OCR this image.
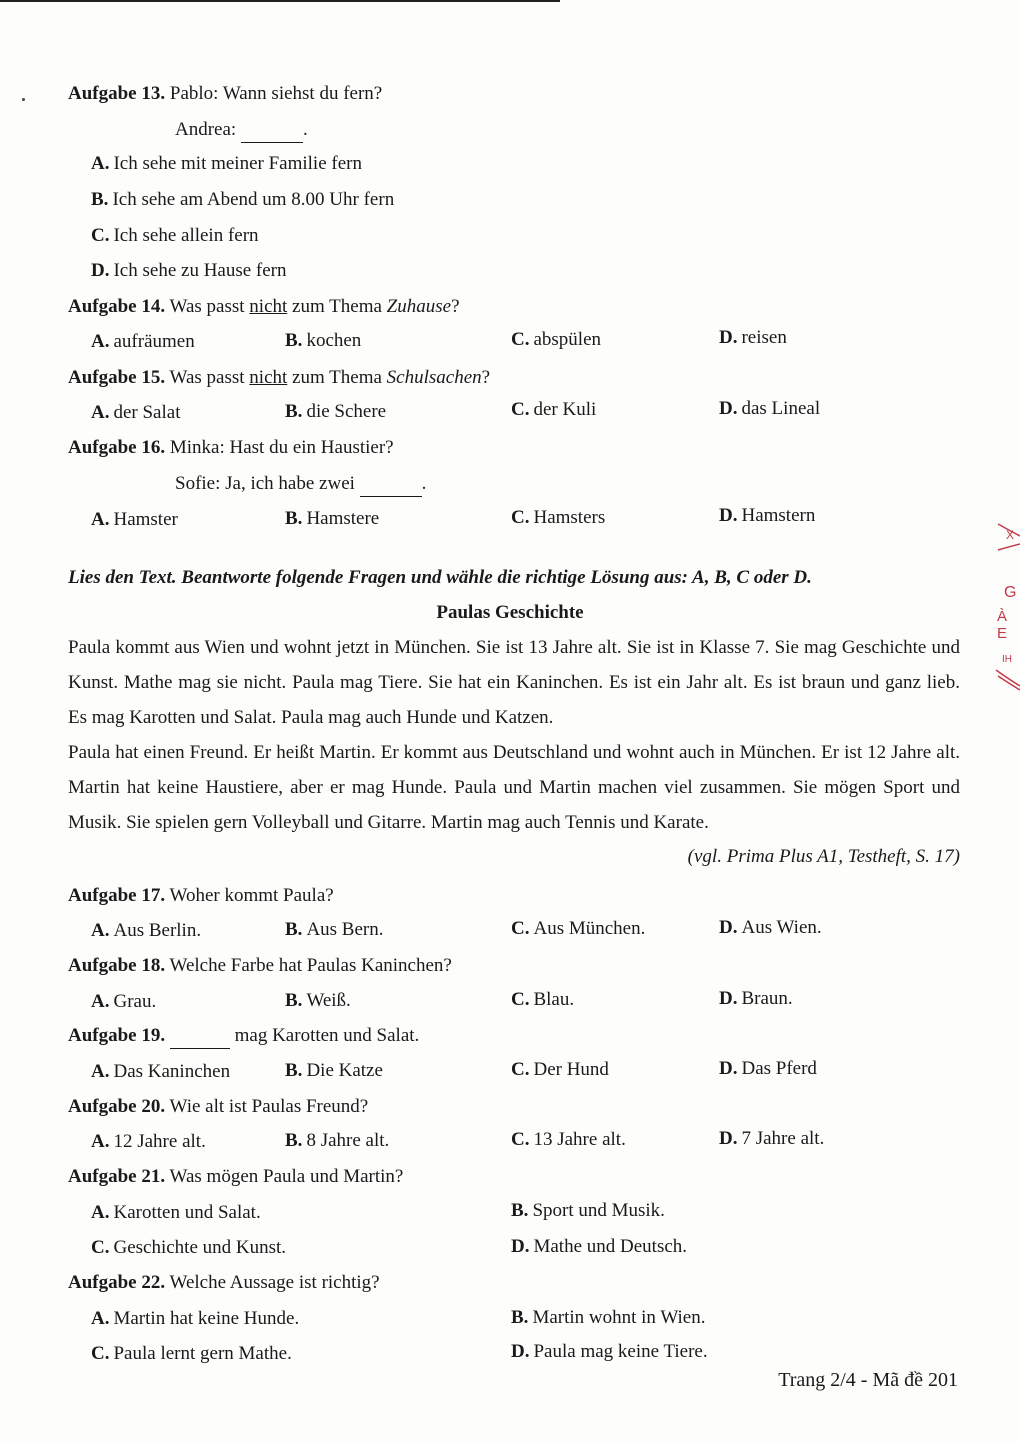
Aufgabe 13. Pablo: Wann siehst du fern?
Andrea:	.
A. Ich sehe mit meiner Familie fern
B. Ich sehe am Abend um 8.00 Uhr fern
C. Ich sehe allein fern
D. Ich sehe zu Hause fern
Aufgabe 14. Was passt nicht zum Thema Zuhause?
A. aufräumen	B. kochen	C. abspülen	D. reisen
Aufgabe 15. Was passt nicht zum Thema Schulsachen?
A. der Salat	B. die Schere	C. der Kuli	D. das Lineal
Aufgabe 16. Minka: Hast du ein Haustier?
Sofie: Ja, ich habe zwei	.
A. Hamster	B. Hamstere	C. Hamsters	D. Hamstern
Lies den Text. Beantworte folgende Fragen und wähle die richtige Lösung aus: A, B, C oder D.
Paulas Geschichte
Paula kommt aus Wien und wohnt jetzt in München. Sie ist 13 Jahre alt. Sie ist in Klasse 7. Sie mag Geschichte und Kunst. Mathe mag sie nicht. Paula mag Tiere. Sie hat ein Kaninchen. Es ist ein Jahr alt. Es ist braun und ganz lieb. Es mag Karotten und Salat. Paula mag auch Hunde und Katzen.
Paula hat einen Freund. Er heißt Martin. Er kommt aus Deutschland und wohnt auch in München. Er ist 12 Jahre alt. Martin hat keine Haustiere, aber er mag Hunde. Paula und Martin machen viel zusammen. Sie mögen Sport und Musik. Sie spielen gern Volleyball und Gitarre. Martin mag auch Tennis und Karate.
(vgl. Prima Plus A1, Testheft, S. 17)
Aufgabe 17. Woher kommt Paula?
A. Aus Berlin.	B. Aus Bern.	C. Aus München.	D. Aus Wien.
Aufgabe 18. Welche Farbe hat Paulas Kaninchen?
A. Grau.	B. Weiß.	C. Blau.	D. Braun.
Aufgabe 19.	mag Karotten und Salat.
A. Das Kaninchen	B. Die Katze	C. Der Hund	D. Das Pferd
Aufgabe 20. Wie alt ist Paulas Freund?
A. 12 Jahre alt.	B. 8 Jahre alt.	C. 13 Jahre alt.	D. 7 Jahre alt.
Aufgabe 21. Was mögen Paula und Martin?
A. Karotten und Salat.	B. Sport und Musik.
C. Geschichte und Kunst.	D. Mathe und Deutsch.
Aufgabe 22. Welche Aussage ist richtig?
A. Martin hat keine Hunde.	B. Martin wohnt in Wien.
C. Paula lernt gern Mathe.	D. Paula mag keine Tiere.
Trang 2/4 - Mã đề 201
X
G
À E
IH
